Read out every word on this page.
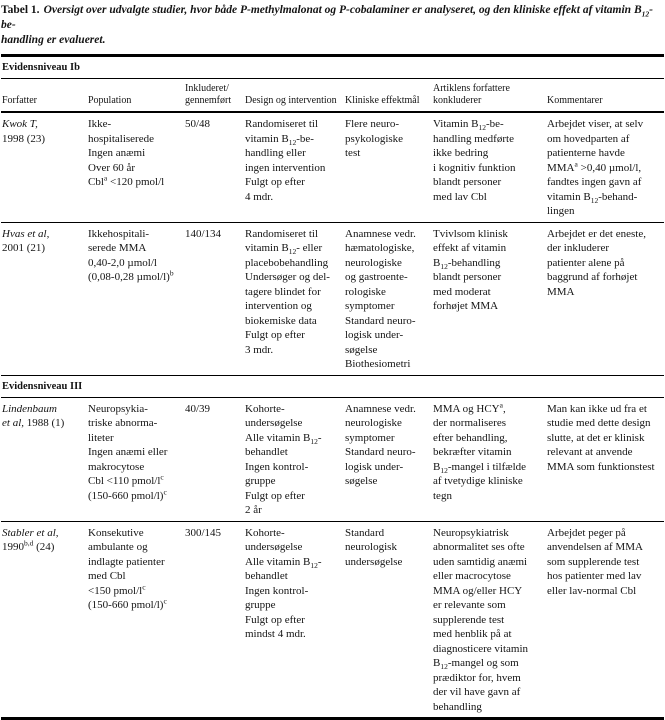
Tabel 1. Oversigt over udvalgte studier, hvor både P-methylmalonat og P-cobalaminer er analyseret, og den kliniske effekt af vitamin $B_{12}-be-$
handling er evalueret.
Evidensniveau Ib						
Forfatter	Population	Inkluderet/
gennemført	Design og intervention	Kliniske effektmål	Artiklens forfattere
konkluderer	Kommentarer
Kwok T,
1998 (23)	Ikke-
hospitaliserede
Ingen anæmi
Over 60 år
Cbl$^a$ <120 pmol/l	50/48	Randomiseret til
vitamin $B_{12}-be-$
handling eller
ingen intervention
Fulgt op efter
4 mdr.	Flere neuro-
psykologiske
test	Vitamin $B_{12}-be-$
handling medførte
ikke bedring
i kognitiv funktion
blandt personer
med lav Cbl	Arbejdet viser, at selv
om hovedparten af
patienterne havde
$MMA^a >0,40$ µmol/l,
fandtes ingen gavn af
vitamin $B_{12}-behand-$
lingen
Hvas et al,
2001 (21)	Ikkehospitali-
serede MMA
0,40-2,0 µmol/l
(0,08-0,28 µmol/l)$^b$	140/134	Randomiseret til
vitamin $B_{12}-$ eller
placebobehandling
Undersøger og del-
tagere blindet for
intervention og
biokemiske data
Fulgt op efter
3 mdr.	Anamnese vedr.
hæmatologiske,
neurologiske
og gastroente-
rologiske
symptomer
Standard neuro-
logisk under-
søgelse
Biothesiometri	Tvivlsom klinisk
effekt af vitamin
$B_{12}$-behandling
blandt personer
med moderat
forhøjet MMA	Arbejdet er det eneste,
der inkluderer
patienter alene på
baggrund af forhøjet
MMA
Evidensniveau III						
Lindenbaum
et al, 1988 (1)	Neuropsykia-
triske abnorma-
liteter
Ingen anæmi eller
makrocytose
Cbl <110 pmol/$l^c$
(150-660 pmol/l)$^c$	40/39	Kohorte-
undersøgelse
Alle vitamin $B_{12}-$
behandlet
Ingen kontrol-
gruppe
Fulgt op efter
2 år	Anamnese vedr.
neurologiske
symptomer
Standard neuro-
logisk under-
søgelse	MMA og HCY$^a$,
der normaliseres
efter behandling,
bekræfter vitamin
$B_{12}$-mangel i tilfælde
af tvetydige kliniske
tegn	Man kan ikke ud fra et
studie med dette design
slutte, at det er klinisk
relevant at anvende
MMA som funktionstest
Stabler et al,
1990$^{b,d}$ (24)	Konsekutive
ambulante og
indlagte patienter
med Cbl
<150 pmol/$l^c$
(150-660 pmol/l)$^c$	300/145	Kohorte-
undersøgelse
Alle vitamin $B_{12}-$
behandlet
Ingen kontrol-
gruppe
Fulgt op efter
mindst 4 mdr.	Standard
neurologisk
undersøgelse	Neuropsykiatrisk
abnormalitet ses ofte
uden samtidig anæmi
eller macrocytose
MMA og/eller HCY
er relevante som
supplerende test
med henblik på at
diagnosticere vitamin
$B_{12}$-mangel og som
prædiktor for, hvem
der vil have gavn af
behandling	Arbejdet peger på
anvendelsen af MMA
som supplerende test
hos patienter med lav
eller lav-normal Cbl
